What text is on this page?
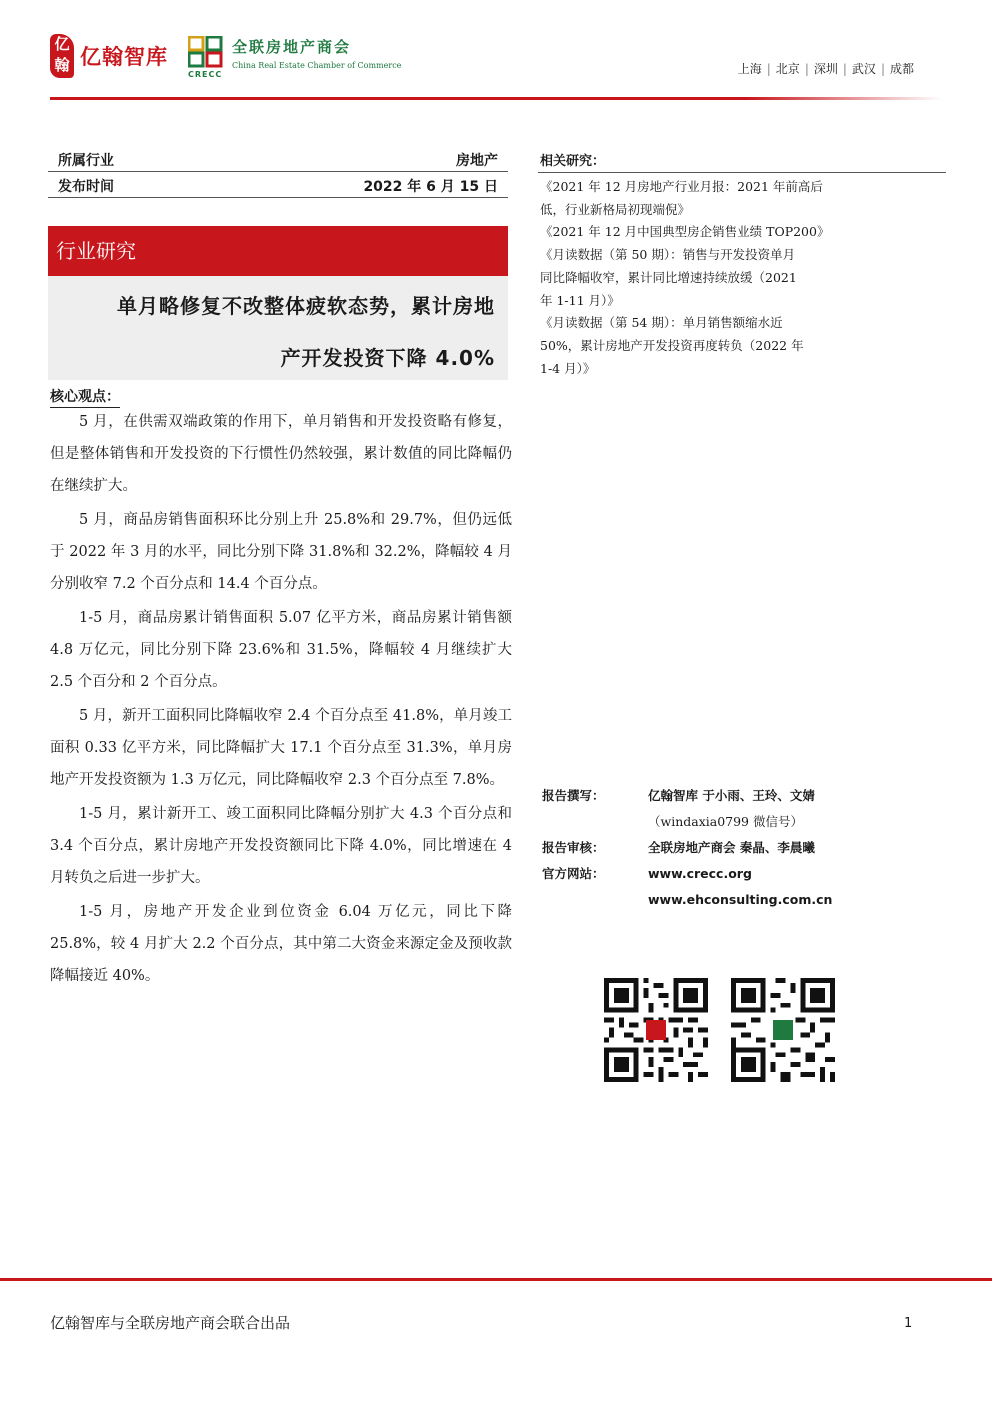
亿翰 亿翰智库
CRECC
全联房地产商会
China Real Estate Chamber of Commerce	上海 | 北京 | 深圳 | 武汉 | 成都
所属行业	房地产
发布时间	2022 年 6 月 15 日
行业研究
单月略修复不改整体疲软态势，累计房地
产开发投资下降 4.0%
核心观点：

5 月，在供需双端政策的作用下，单月销售和开发投资略有修复，但是整体销售和开发投资的下行惯性仍然较强，累计数值的同比降幅仍在继续扩大。

5 月，商品房销售面积环比分别上升 25.8%和 29.7%，但仍远低于 2022 年 3 月的水平，同比分别下降 31.8%和 32.2%，降幅较 4 月分别收窄 7.2 个百分点和 14.4 个百分点。

1-5 月，商品房累计销售面积 5.07 亿平方米，商品房累计销售额 4.8 万亿元，同比分别下降 23.6%和 31.5%，降幅较 4 月继续扩大 2.5 个百分和 2 个百分点。

5 月，新开工面积同比降幅收窄 2.4 个百分点至 41.8%，单月竣工面积 0.33 亿平方米，同比降幅扩大 17.1 个百分点至 31.3%，单月房地产开发投资额为 1.3 万亿元，同比降幅收窄 2.3 个百分点至 7.8%。

1-5 月，累计新开工、竣工面积同比降幅分别扩大 4.3 个百分点和 3.4 个百分点，累计房地产开发投资额同比下降 4.0%，同比增速在 4 月转负之后进一步扩大。

1-5 月，房地产开发企业到位资金 6.04 万亿元，同比下降 25.8%，较 4 月扩大 2.2 个百分点，其中第二大资金来源定金及预收款降幅接近 40%。

相关研究：
《2021 年 12 月房地产行业月报：2021 年前高后
低，行业新格局初现端倪》
《2021 年 12 月中国典型房企销售业绩 TOP200》
《月读数据（第 50 期）：销售与开发投资单月
同比降幅收窄，累计同比增速持续放缓（2021
年 1-11 月）》
《月读数据（第 54 期）：单月销售额缩水近
50%，累计房地产开发投资再度转负（2022 年
1-4 月）》
报告撰写：	亿翰智库 于小雨、王玲、文婧
（windaxia0799 微信号）
报告审核：	全联房地产商会 秦晶、李晨曦
官方网站：	www.crecc.org
www.ehconsulting.com.cn
亿翰智库与全联房地产商会联合出品	1
